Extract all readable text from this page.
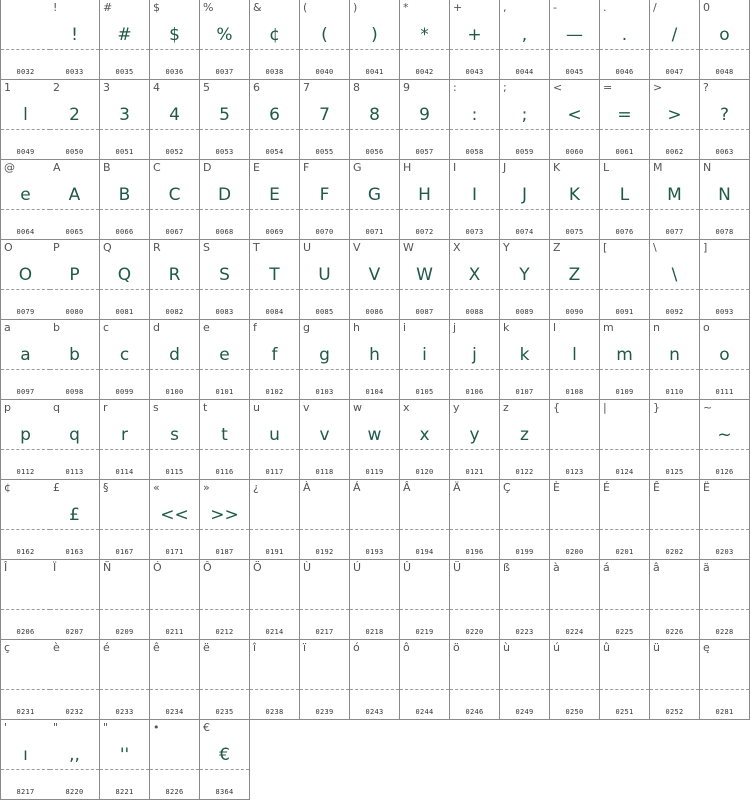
0032
!
!
0033
#
#
0035
$
$
0036
%
%
0037
&
¢
0038
(
(
0040
)
)
0041
*
*
0042
+
+
0043
,
,
0044
-
—
0045
.
.
0046
/
/
0047
0
o
0048
1
l
0049
2
2
0050
3
3
0051
4
4
0052
5
5
0053
6
6
0054
7
7
0055
8
8
0056
9
9
0057
:
:
0058
;
;
0059
<
<
0060
=
=
0061
>
>
0062
?
?
0063
@
e
0064
A
A
0065
B
B
0066
C
C
0067
D
D
0068
E
E
0069
F
F
0070
G
G
0071
H
H
0072
I
I
0073
J
J
0074
K
K
0075
L
L
0076
M
M
0077
N
N
0078
O
O
0079
P
P
0080
Q
Q
0081
R
R
0082
S
S
0083
T
T
0084
U
U
0085
V
V
0086
W
W
0087
X
X
0088
Y
Y
0089
Z
Z
0090
[
0091
\
\
0092
]
0093
a
a
0097
b
b
0098
c
c
0099
d
d
0100
e
e
0101
f
f
0102
g
g
0103
h
h
0104
i
i
0105
j
j
0106
k
k
0107
l
l
0108
m
m
0109
n
n
0110
o
o
0111
p
p
0112
q
q
0113
r
r
0114
s
s
0115
t
t
0116
u
u
0117
v
v
0118
w
w
0119
x
x
0120
y
y
0121
z
z
0122
{
0123
|
0124
}
0125
~
~
0126
¢
0162
£
£
0163
§
0167
«
<<
0171
»
>>
0187
¿
0191
À
0192
Á
0193
Â
0194
Ä
0196
Ç
0199
È
0200
É
0201
Ê
0202
Ë
0203
Î
0206
Ï
0207
Ñ
0209
Ó
0211
Ô
0212
Ö
0214
Ù
0217
Ú
0218
Û
0219
Ü
0220
ß
0223
à
0224
á
0225
â
0226
ä
0228
ç
0231
è
0232
é
0233
ê
0234
ë
0235
î
0238
ï
0239
ó
0243
ô
0244
ö
0246
ù
0249
ú
0250
û
0251
ü
0252
ę
0281
'
ı
8217
"
,,
8220
"
''
8221
•
8226
€
€
8364
